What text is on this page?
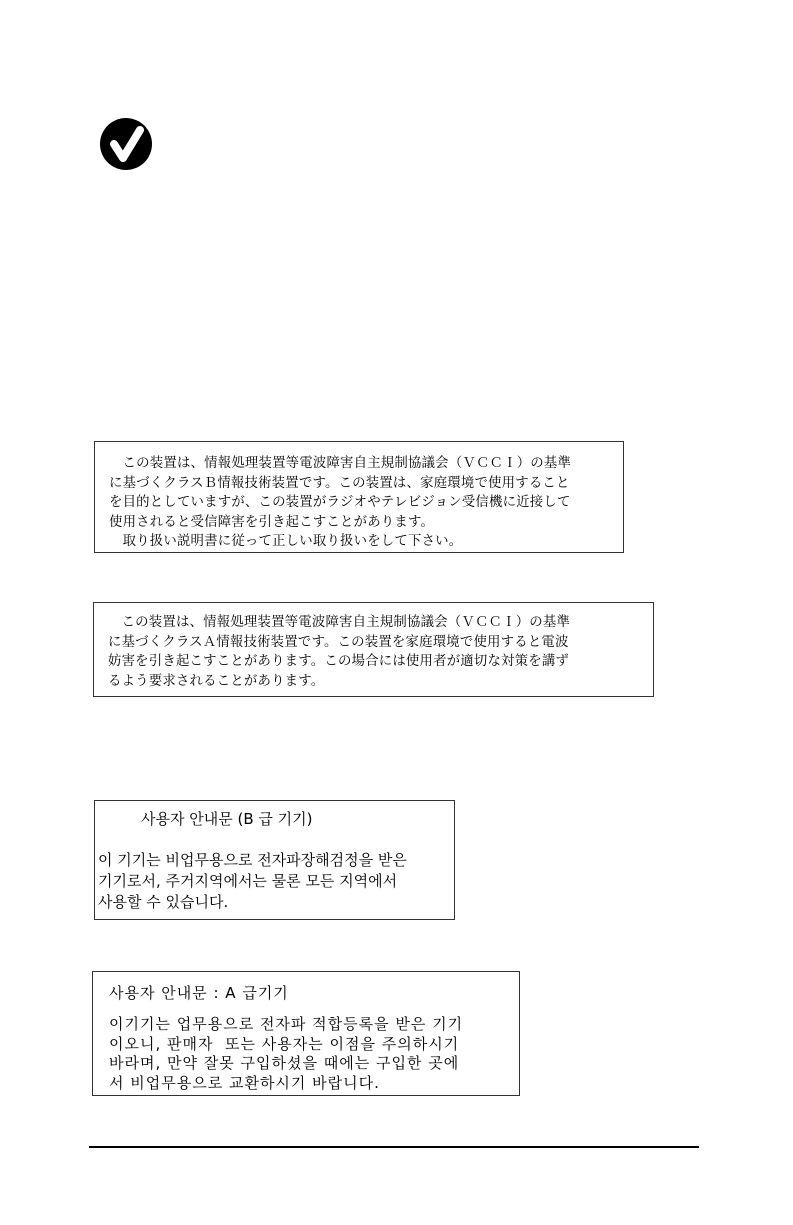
　この装置は、情報処理装置等電波障害自主規制協議会（ＶＣＣＩ）の基準
に基づくクラスＢ情報技術装置です。この装置は、家庭環境で使用すること
を目的としていますが、この装置がラジオやテレビジョン受信機に近接して
使用されると受信障害を引き起こすことがあります。
　取り扱い説明書に従って正しい取り扱いをして下さい。
　この装置は、情報処理装置等電波障害自主規制協議会（ＶＣＣＩ）の基準
に基づくクラスＡ情報技術装置です。この装置を家庭環境で使用すると電波
妨害を引き起こすことがあります。この場合には使用者が適切な対策を講ず
るよう要求されることがあります。
사용자 안내문 (B 급 기기)
이 기기는 비업무용으로 전자파장해검정을 받은
기기로서, 주거지역에서는 물론 모든 지역에서
사용할 수 있습니다.
사용자 안내문 : A 급기기
이기기는 업무용으로 전자파 적합등록을 받은 기기
이오니, 판매자  또는 사용자는 이점을 주의하시기
바라며, 만약 잘못 구입하셨을 때에는 구입한 곳에
서 비업무용으로 교환하시기 바랍니다.
